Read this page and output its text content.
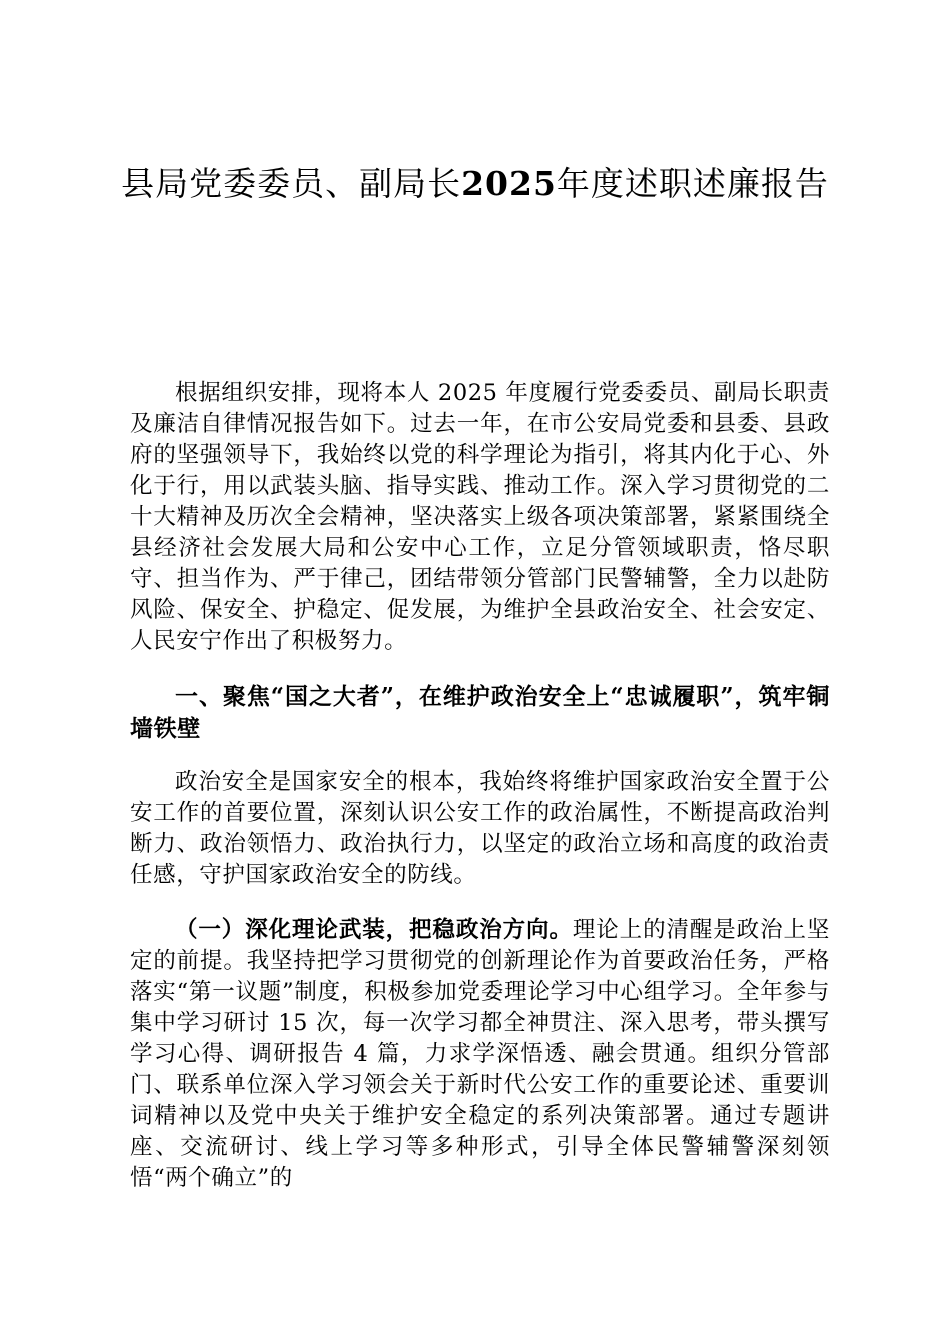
县局党委委员、副局长2025年度述职述廉报告

根据组织安排，现将本人 2025 年度履行党委委员、副局长职责及廉洁自律情况报告如下。过去一年，在市公安局党委和县委、县政府的坚强领导下，我始终以党的科学理论为指引，将其内化于心、外化于行，用以武装头脑、指导实践、推动工作。深入学习贯彻党的二十大精神及历次全会精神，坚决落实上级各项决策部署，紧紧围绕全县经济社会发展大局和公安中心工作，立足分管领域职责，恪尽职守、担当作为、严于律己，团结带领分管部门民警辅警，全力以赴防风险、保安全、护稳定、促发展，为维护全县政治安全、社会安定、人民安宁作出了积极努力。

一、聚焦“国之大者”，在维护政治安全上“忠诚履职”，筑牢铜墙铁壁

政治安全是国家安全的根本，我始终将维护国家政治安全置于公安工作的首要位置，深刻认识公安工作的政治属性，不断提高政治判断力、政治领悟力、政治执行力，以坚定的政治立场和高度的政治责任感，守护国家政治安全的防线。

（一）深化理论武装，把稳政治方向。理论上的清醒是政治上坚定的前提。我坚持把学习贯彻党的创新理论作为首要政治任务，严格落实“第一议题”制度，积极参加党委理论学习中心组学习。全年参与集中学习研讨 15 次，每一次学习都全神贯注、深入思考，带头撰写学习心得、调研报告 4 篇，力求学深悟透、融会贯通。组织分管部门、联系单位深入学习领会关于新时代公安工作的重要论述、重要训词精神以及党中央关于维护安全稳定的系列决策部署。通过专题讲座、交流研讨、线上学习等多种形式，引导全体民警辅警深刻领悟“两个确立”的
